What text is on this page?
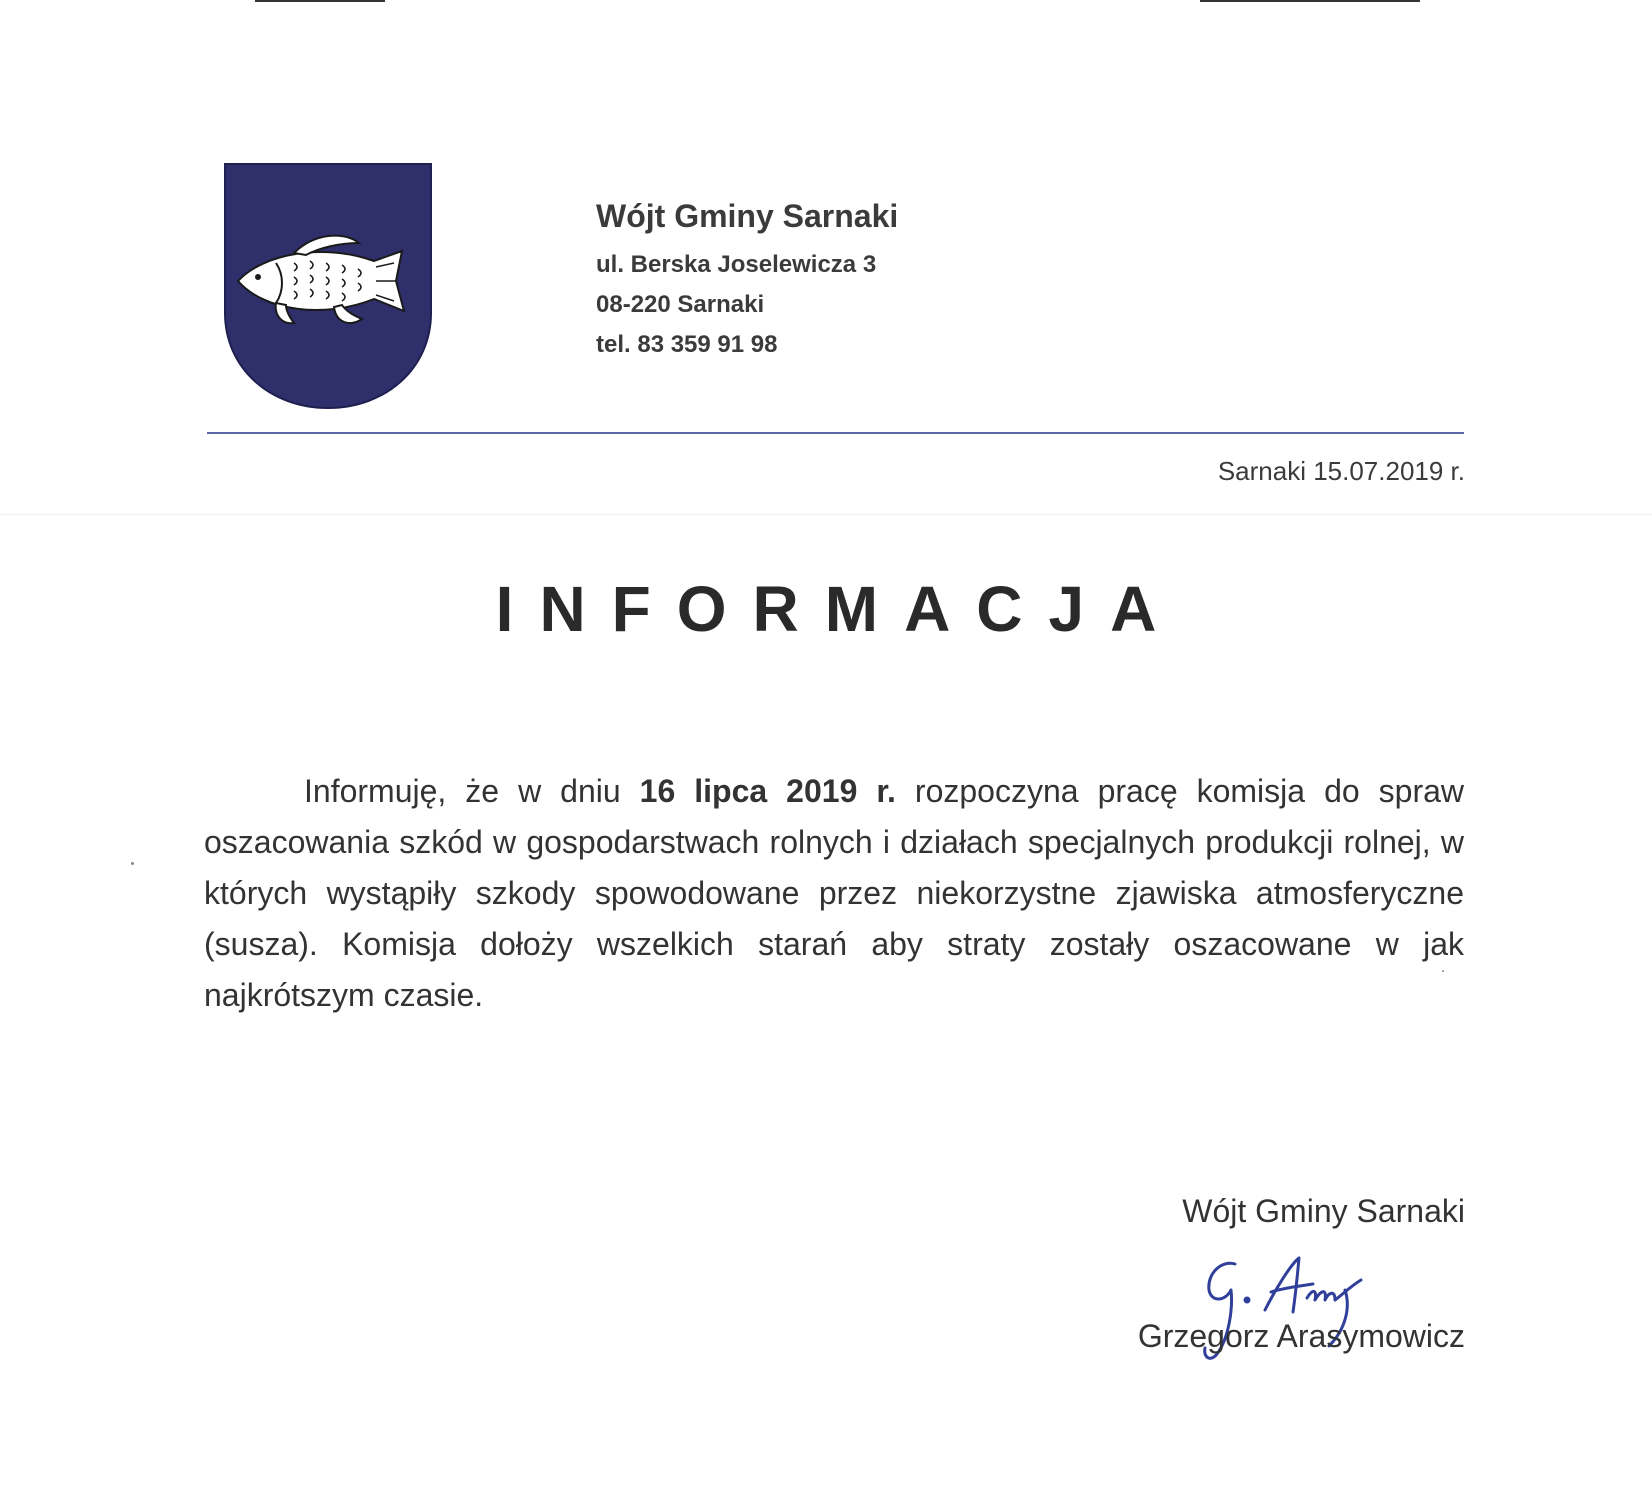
Wójt Gminy Sarnaki
ul. Berska Joselewicza 3
08-220 Sarnaki
tel. 83 359 91 98
Sarnaki 15.07.2019 r.
INFORMACJA
Informuję, że w dniu 16 lipca 2019 r. rozpoczyna pracę komisja do spraw oszacowania szkód w gospodarstwach rolnych i działach specjalnych produkcji rolnej, w których wystąpiły szkody spowodowane przez niekorzystne zjawiska atmosferyczne (susza). Komisja dołoży wszelkich starań aby straty zostały oszacowane w jak najkrótszym czasie.
Wójt Gminy Sarnaki
Grzegorz Arasymowicz
